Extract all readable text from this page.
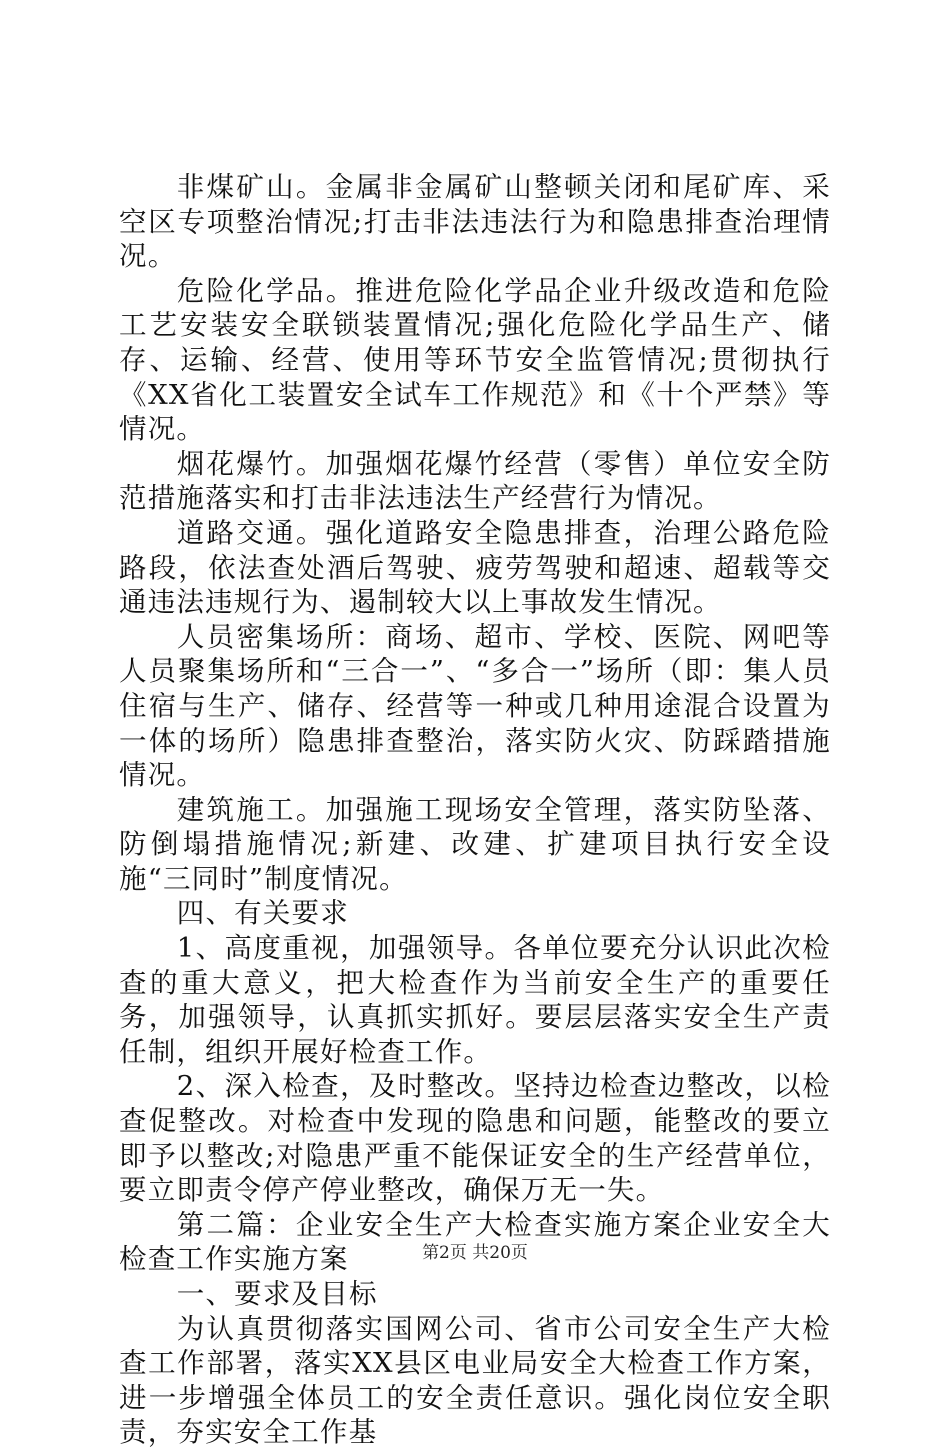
非煤矿山。金属非金属矿山整顿关闭和尾矿库、采空区专项整治情况;打击非法违法行为和隐患排查治理情况。

危险化学品。推进危险化学品企业升级改造和危险工艺安装安全联锁装置情况;强化危险化学品生产、储存、运输、经营、使用等环节安全监管情况;贯彻执行《XX省化工装置安全试车工作规范》和《十个严禁》等情况。

烟花爆竹。加强烟花爆竹经营（零售）单位安全防范措施落实和打击非法违法生产经营行为情况。

道路交通。强化道路安全隐患排查，治理公路危险路段，依法查处酒后驾驶、疲劳驾驶和超速、超载等交通违法违规行为、遏制较大以上事故发生情况。

人员密集场所：商场、超市、学校、医院、网吧等人员聚集场所和“三合一”、“多合一”场所（即：集人员住宿与生产、储存、经营等一种或几种用途混合设置为一体的场所）隐患排查整治，落实防火灾、防踩踏措施情况。

建筑施工。加强施工现场安全管理，落实防坠落、防倒塌措施情况;新建、改建、扩建项目执行安全设施“三同时”制度情况。

四、有关要求

1、高度重视，加强领导。各单位要充分认识此次检查的重大意义，把大检查作为当前安全生产的重要任务，加强领导，认真抓实抓好。要层层落实安全生产责任制，组织开展好检查工作。

2、深入检查，及时整改。坚持边检查边整改，以检查促整改。对检查中发现的隐患和问题，能整改的要立即予以整改;对隐患严重不能保证安全的生产经营单位，要立即责令停产停业整改，确保万无一失。

第二篇：企业安全生产大检查实施方案企业安全大检查工作实施方案

一、要求及目标

为认真贯彻落实国网公司、省市公司安全生产大检查工作部署，落实XX县区电业局安全大检查工作方案，进一步增强全体员工的安全责任意识。强化岗位安全职责，夯实安全工作基

第2页 共20页
